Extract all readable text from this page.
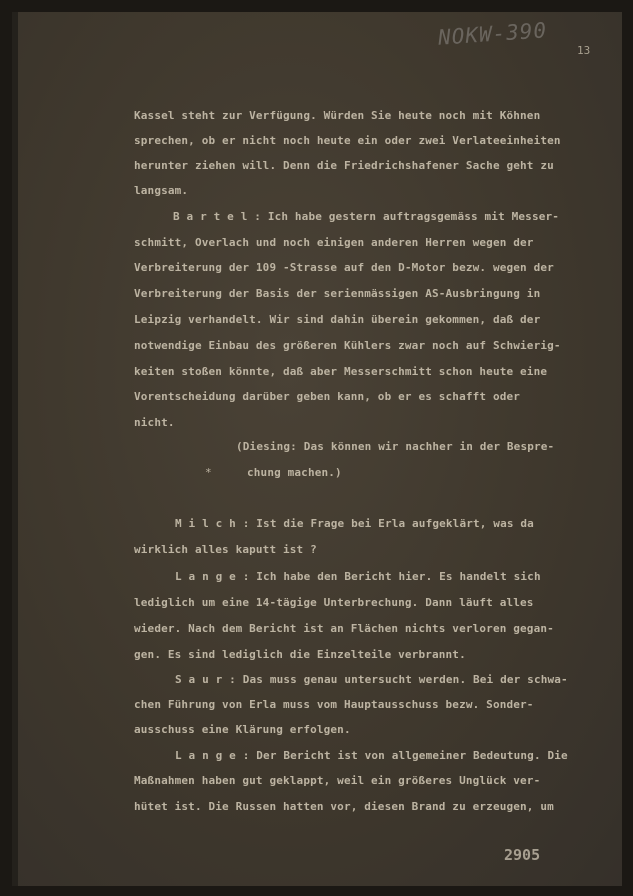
NOKW-390
13
Kassel steht zur Verfügung. Würden Sie heute noch mit Köhnen
sprechen, ob er nicht noch heute ein oder zwei Verlateeinheiten
herunter ziehen will. Denn die Friedrichshafener Sache geht zu
langsam.
B a r t e l : Ich habe gestern auftragsgemäss mit Messer-
schmitt, Overlach und noch einigen anderen Herren wegen der
Verbreiterung der 109 -Strasse auf den D-Motor bezw. wegen der
Verbreiterung der Basis der serienmässigen AS-Ausbringung in
Leipzig verhandelt. Wir sind dahin überein gekommen, daß der
notwendige Einbau des größeren Kühlers zwar noch auf Schwierig-
keiten stoßen könnte, daß aber Messerschmitt schon heute eine
Vorentscheidung darüber geben kann, ob er es schafft oder
nicht.
(Diesing: Das können wir nachher in der Bespre-
chung machen.)
M i l c h : Ist die Frage bei Erla aufgeklärt, was da
wirklich alles kaputt ist ?
L a n g e : Ich habe den Bericht hier. Es handelt sich
lediglich um eine 14-tägige Unterbrechung. Dann läuft alles
wieder. Nach dem Bericht ist an Flächen nichts verloren gegan-
gen. Es sind lediglich die Einzelteile verbrannt.
S a u r : Das muss genau untersucht werden. Bei der schwa-
chen Führung von Erla muss vom Hauptausschuss bezw. Sonder-
ausschuss eine Klärung erfolgen.
L a n g e : Der Bericht ist von allgemeiner Bedeutung. Die
Maßnahmen haben gut geklappt, weil ein größeres Unglück ver-
hütet ist. Die Russen hatten vor, diesen Brand zu erzeugen, um
*
2905
